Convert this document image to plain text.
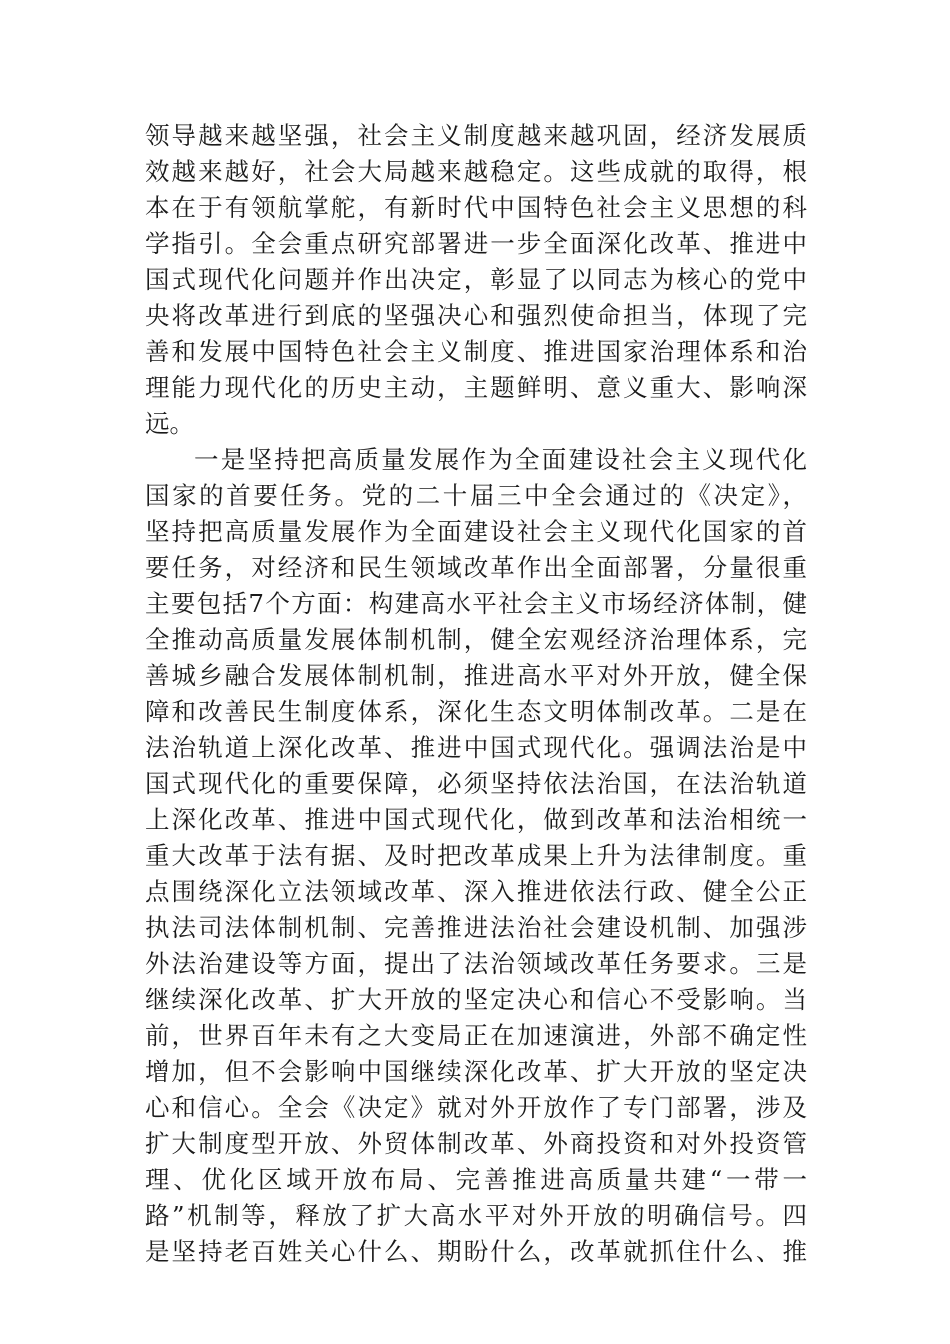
领导越来越坚强，社会主义制度越来越巩固，经济发展质
效越来越好，社会大局越来越稳定。这些成就的取得，根
本在于有领航掌舵，有新时代中国特色社会主义思想的科
学指引。全会重点研究部署进一步全面深化改革、推进中
国式现代化问题并作出决定，彰显了以同志为核心的党中
央将改革进行到底的坚强决心和强烈使命担当，体现了完
善和发展中国特色社会主义制度、推进国家治理体系和治
理能力现代化的历史主动，主题鲜明、意义重大、影响深
远。
一是坚持把高质量发展作为全面建设社会主义现代化
国家的首要任务。党的二十届三中全会通过的《决定》，
坚持把高质量发展作为全面建设社会主义现代化国家的首
要任务，对经济和民生领域改革作出全面部署，分量很重
主要包括7个方面：构建高水平社会主义市场经济体制，健
全推动高质量发展体制机制，健全宏观经济治理体系，完
善城乡融合发展体制机制，推进高水平对外开放，健全保
障和改善民生制度体系，深化生态文明体制改革。二是在
法治轨道上深化改革、推进中国式现代化。强调法治是中
国式现代化的重要保障，必须坚持依法治国，在法治轨道
上深化改革、推进中国式现代化，做到改革和法治相统一
重大改革于法有据、及时把改革成果上升为法律制度。重
点围绕深化立法领域改革、深入推进依法行政、健全公正
执法司法体制机制、完善推进法治社会建设机制、加强涉
外法治建设等方面，提出了法治领域改革任务要求。三是
继续深化改革、扩大开放的坚定决心和信心不受影响。当
前，世界百年未有之大变局正在加速演进，外部不确定性
增加，但不会影响中国继续深化改革、扩大开放的坚定决
心和信心。全会《决定》就对外开放作了专门部署，涉及
扩大制度型开放、外贸体制改革、外商投资和对外投资管
理、优化区域开放布局、完善推进高质量共建“一带一
路”机制等，释放了扩大高水平对外开放的明确信号。四
是坚持老百姓关心什么、期盼什么，改革就抓住什么、推
